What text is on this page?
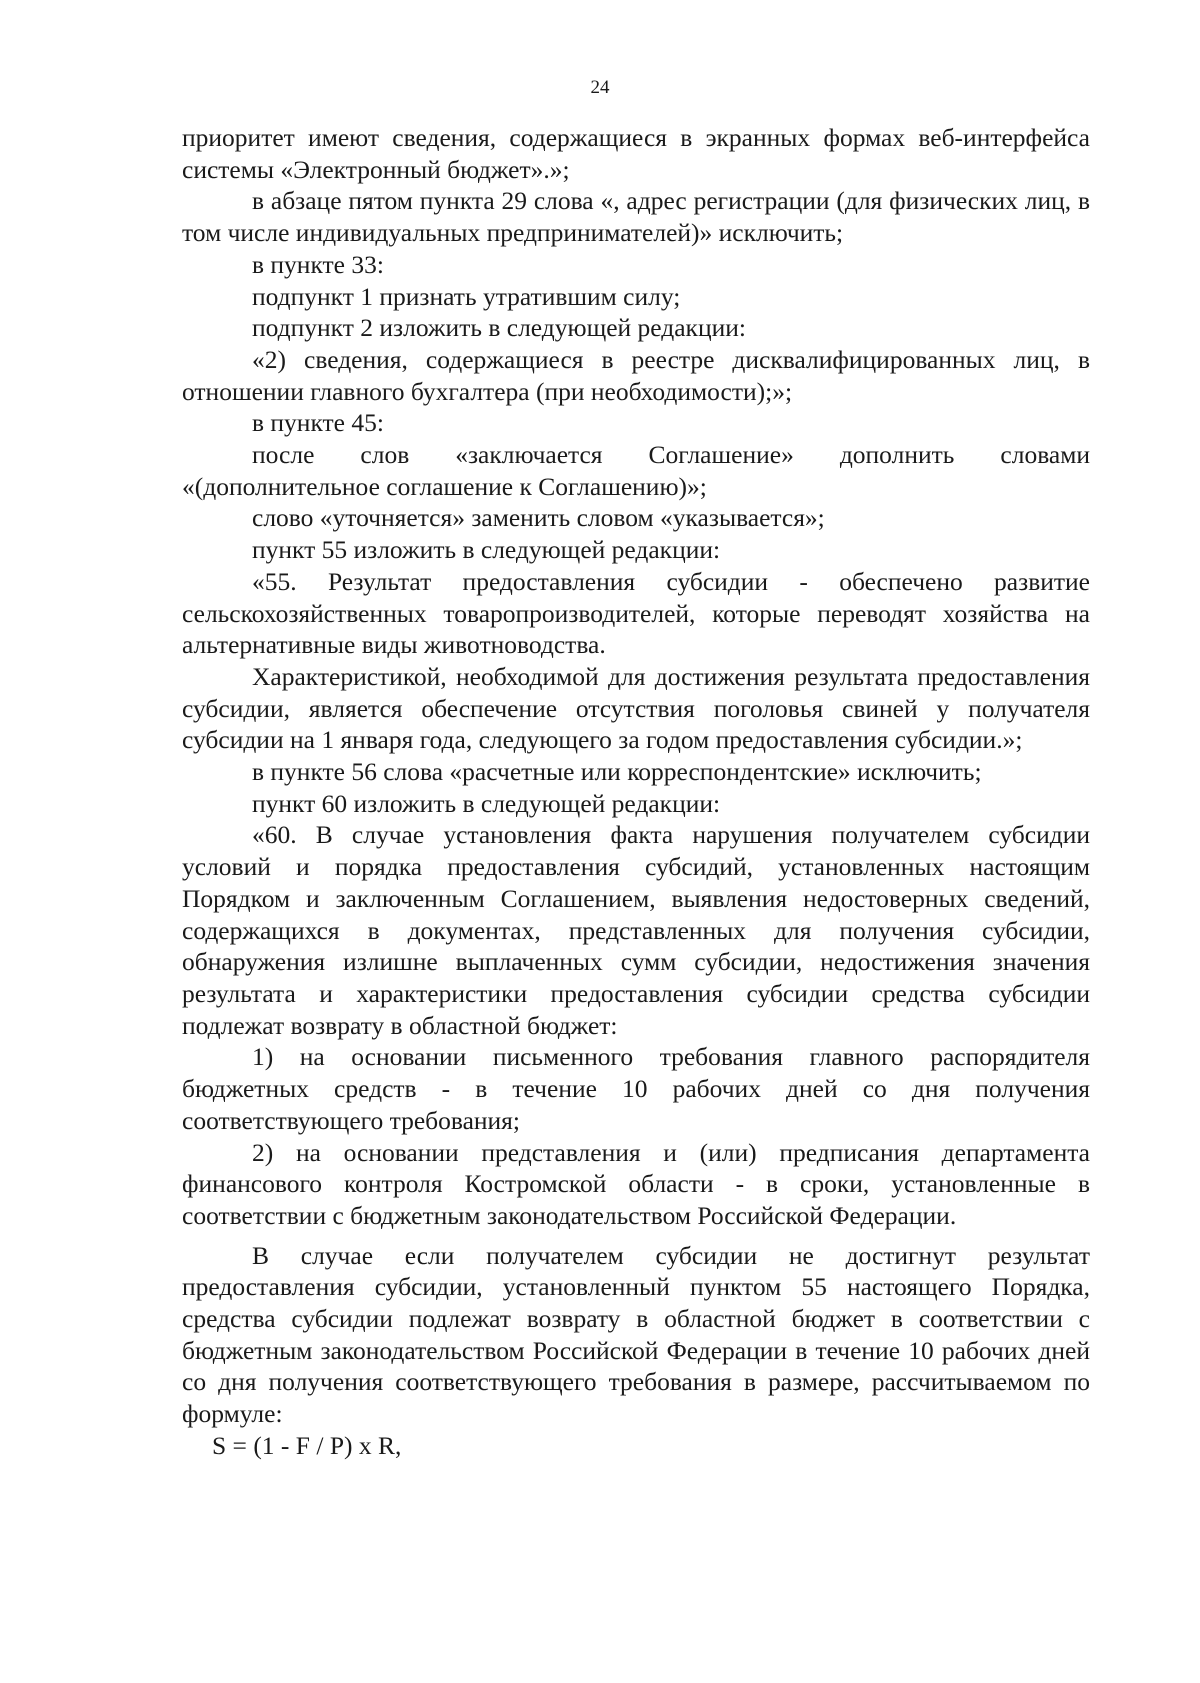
24

приоритет имеют сведения, содержащиеся в экранных формах веб-интерфейса системы «Электронный бюджет».»;

в абзаце пятом пункта 29 слова «, адрес регистрации (для физических лиц, в том числе индивидуальных предпринимателей)» исключить;

в пункте 33:

подпункт 1 признать утратившим силу;

подпункт 2 изложить в следующей редакции:

«2) сведения, содержащиеся в реестре дисквалифицированных лиц, в отношении главного бухгалтера (при необходимости);»;

в пункте 45:

после слов «заключается Соглашение» дополнить словами «(дополнительное соглашение к Соглашению)»;

слово «уточняется» заменить словом «указывается»;

пункт 55 изложить в следующей редакции:

«55. Результат предоставления субсидии - обеспечено развитие сельскохозяйственных товаропроизводителей, которые переводят хозяйства на альтернативные виды животноводства.

Характеристикой, необходимой для достижения результата предоставления субсидии, является обеспечение отсутствия поголовья свиней у получателя субсидии на 1 января года, следующего за годом предоставления субсидии.»;

в пункте 56 слова «расчетные или корреспондентские» исключить;

пункт 60 изложить в следующей редакции:

«60. В случае установления факта нарушения получателем субсидии условий и порядка предоставления субсидий, установленных настоящим Порядком и заключенным Соглашением, выявления недостоверных сведений, содержащихся в документах, представленных для получения субсидии, обнаружения излишне выплаченных сумм субсидии, недостижения значения результата и характеристики предоставления субсидии средства субсидии подлежат возврату в областной бюджет:

1) на основании письменного требования главного распорядителя бюджетных средств - в течение 10 рабочих дней со дня получения соответствующего требования;

2) на основании представления и (или) предписания департамента финансового контроля Костромской области - в сроки, установленные в соответствии с бюджетным законодательством Российской Федерации.

В случае если получателем субсидии не достигнут результат предоставления субсидии, установленный пунктом 55 настоящего Порядка, средства субсидии подлежат возврату в областной бюджет в соответствии с бюджетным законодательством Российской Федерации в течение 10 рабочих дней со дня получения соответствующего требования в размере, рассчитываемом по формуле:

S = (1 - F / P) x R,
